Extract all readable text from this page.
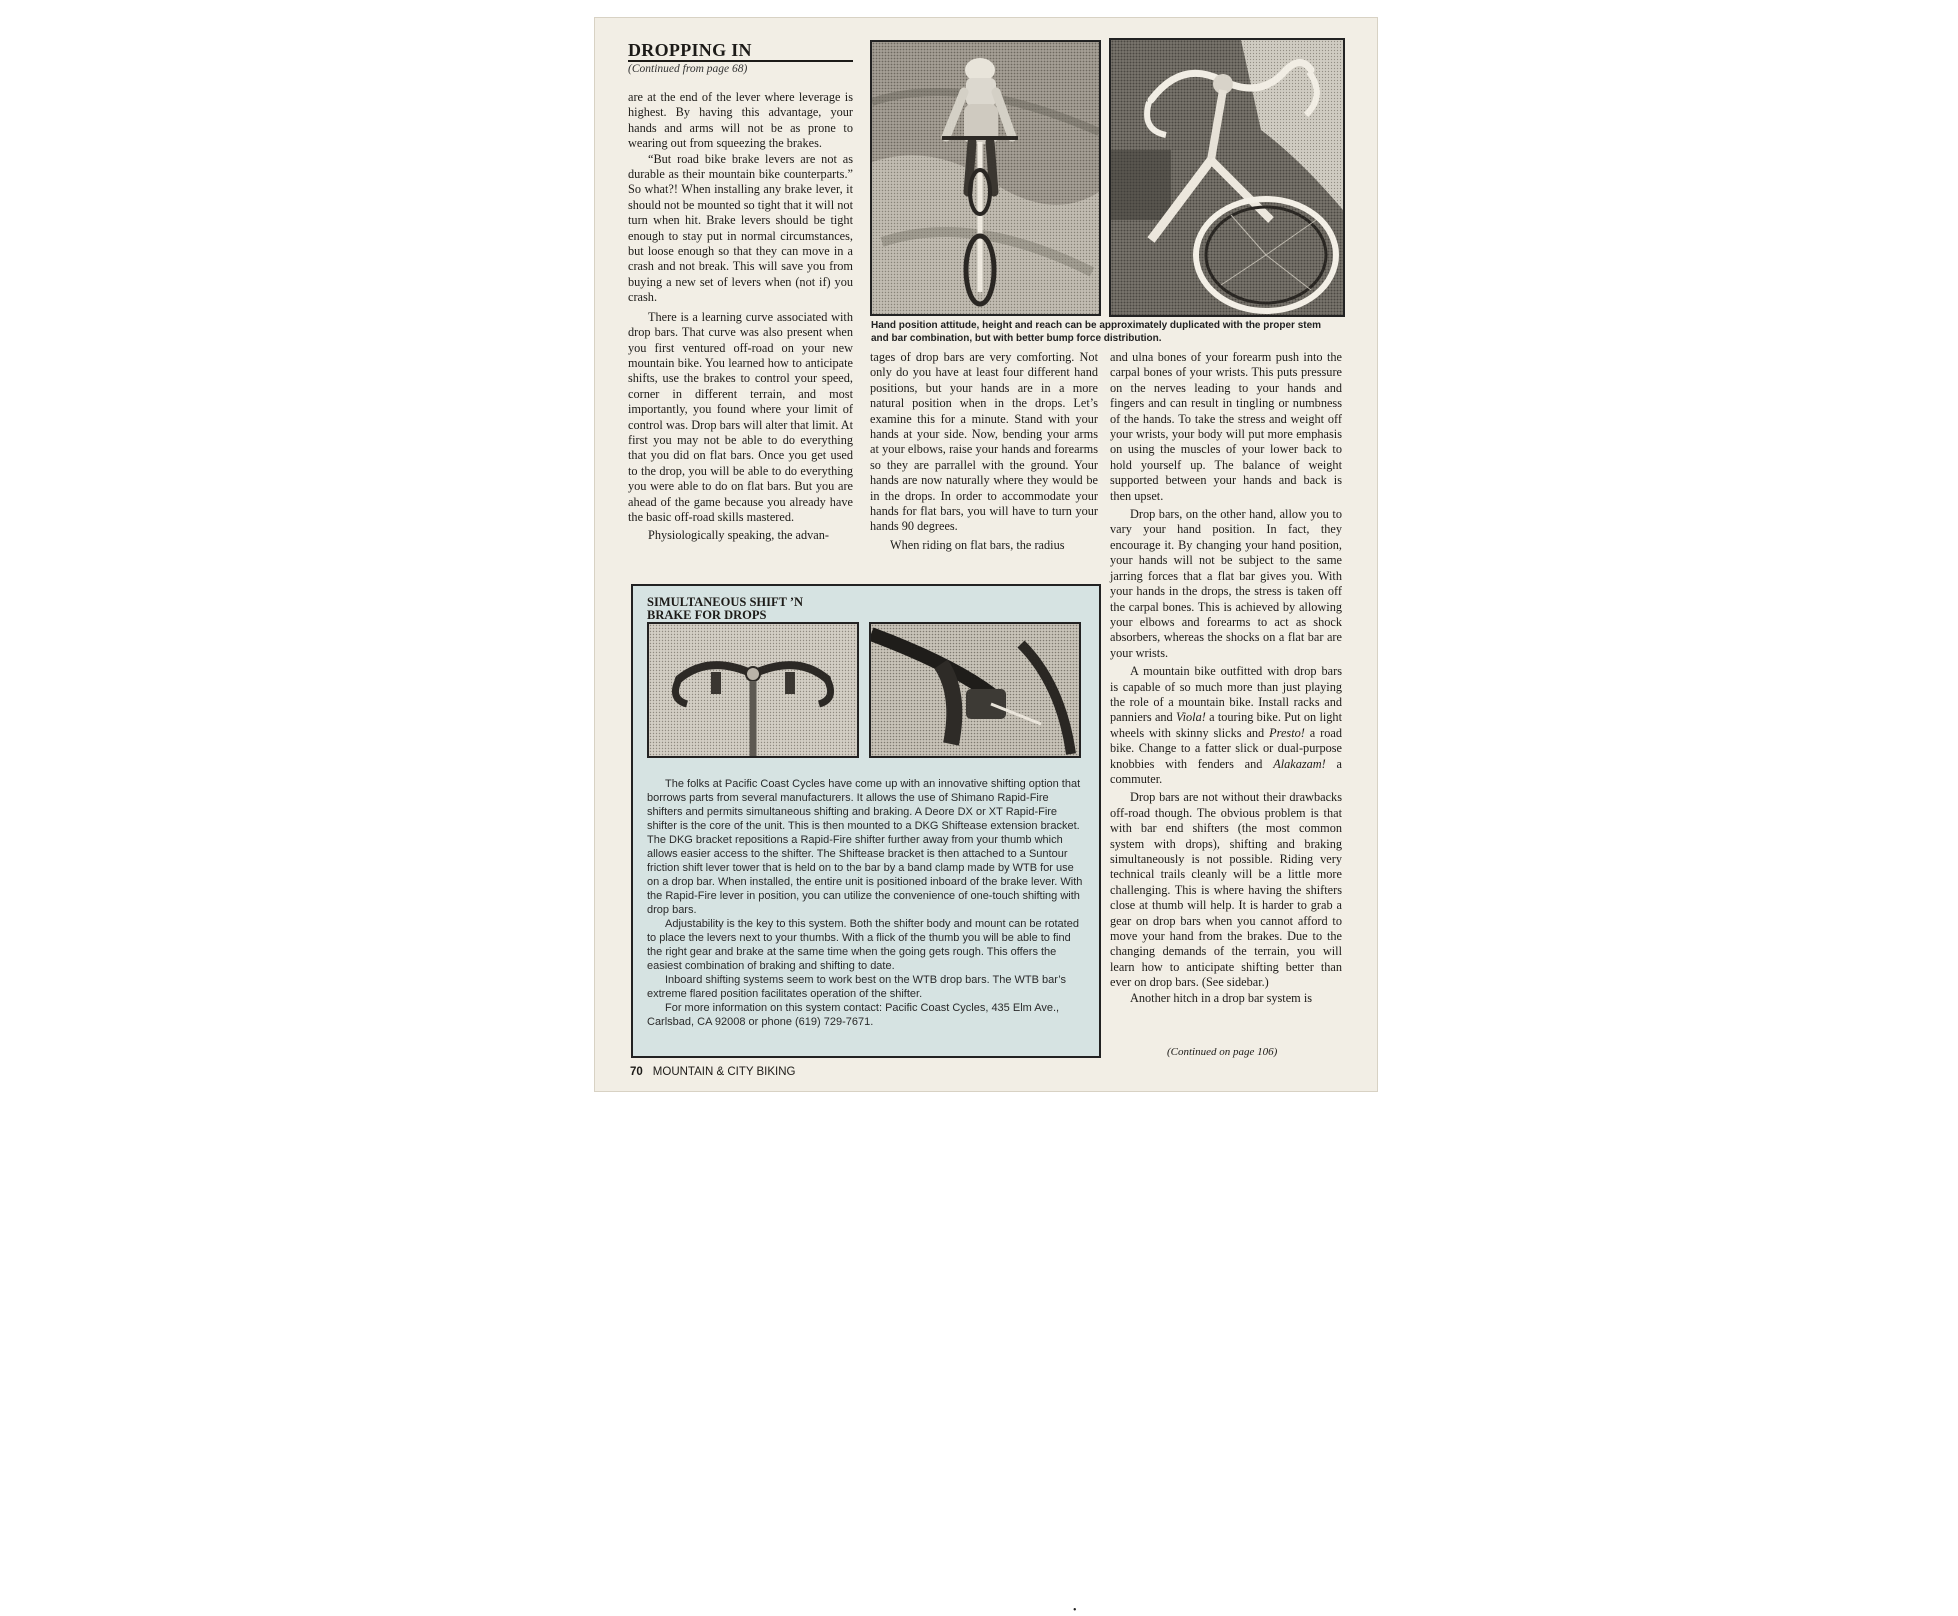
DROPPING IN
(Continued from page 68)

are at the end of the lever where leverage is highest. By having this advantage, your hands and arms will not be as prone to wearing out from squeezing the brakes.

“But road bike brake levers are not as durable as their mountain bike counterparts.” So what?! When installing any brake lever, it should not be mounted so tight that it will not turn when hit. Brake levers should be tight enough to stay put in normal circumstances, but loose enough so that they can move in a crash and not break. This will save you from buying a new set of levers when (not if) you crash.

There is a learning curve associated with drop bars. That curve was also present when you first ventured off-road on your new mountain bike. You learned how to anticipate shifts, use the brakes to control your speed, corner in different terrain, and most importantly, you found where your limit of control was. Drop bars will alter that limit. At first you may not be able to do everything that you did on flat bars. Once you get used to the drop, you will be able to do everything you were able to do on flat bars. But you are ahead of the game because you already have the basic off-road skills mastered.

Physiologically speaking, the advan-

Hand position attitude, height and reach can be approximately duplicated with the proper stem and bar combination, but with better bump force distribution.

tages of drop bars are very comforting. Not only do you have at least four different hand positions, but your hands are in a more natural position when in the drops. Let’s examine this for a minute. Stand with your hands at your side. Now, bending your arms at your elbows, raise your hands and forearms so they are parrallel with the ground. Your hands are now naturally where they would be in the drops. In order to accommodate your hands for flat bars, you will have to turn your hands 90 degrees.

When riding on flat bars, the radius

and ulna bones of your forearm push into the carpal bones of your wrists. This puts pressure on the nerves leading to your hands and fingers and can result in tingling or numbness of the hands. To take the stress and weight off your wrists, your body will put more emphasis on using the muscles of your lower back to hold yourself up. The balance of weight supported between your hands and back is then upset.

Drop bars, on the other hand, allow you to vary your hand position. In fact, they encourage it. By changing your hand position, your hands will not be subject to the same jarring forces that a flat bar gives you. With your hands in the drops, the stress is taken off the carpal bones. This is achieved by allowing your elbows and forearms to act as shock absorbers, whereas the shocks on a flat bar are your wrists.

A mountain bike outfitted with drop bars is capable of so much more than just playing the role of a mountain bike. Install racks and panniers and Viola! a touring bike. Put on light wheels with skinny slicks and Presto! a road bike. Change to a fatter slick or dual-purpose knobbies with fenders and Alakazam! a commuter.

Drop bars are not without their drawbacks off-road though. The obvious problem is that with bar end shifters (the most common system with drops), shifting and braking simultaneously is not possible. Riding very technical trails cleanly will be a little more challenging. This is where having the shifters close at thumb will help. It is harder to grab a gear on drop bars when you cannot afford to move your hand from the brakes. Due to the changing demands of the terrain, you will learn how to anticipate shifting better than ever on drop bars. (See sidebar.)

Another hitch in a drop bar system is

SIMULTANEOUS SHIFT ’N
BRAKE FOR DROPS

The folks at Pacific Coast Cycles have come up with an innovative shifting option that borrows parts from several manufacturers. It allows the use of Shimano Rapid-Fire shifters and permits simultaneous shifting and braking. A Deore DX or XT Rapid-Fire shifter is the core of the unit. This is then mounted to a DKG Shiftease extension bracket. The DKG bracket repositions a Rapid-Fire shifter further away from your thumb which allows easier access to the shifter. The Shiftease bracket is then attached to a Suntour friction shift lever tower that is held on to the bar by a band clamp made by WTB for use on a drop bar. When installed, the entire unit is positioned inboard of the brake lever. With the Rapid-Fire lever in position, you can utilize the convenience of one-touch shifting with drop bars.

Adjustability is the key to this system. Both the shifter body and mount can be rotated to place the levers next to your thumbs. With a flick of the thumb you will be able to find the right gear and brake at the same time when the going gets rough. This offers the easiest combination of braking and shifting to date.

Inboard shifting systems seem to work best on the WTB drop bars. The WTB bar’s extreme flared position facilitates operation of the shifter.

For more information on this system contact: Pacific Coast Cycles, 435 Elm Ave., Carlsbad, CA 92008 or phone (619) 729-7671.

•
(Continued on page 106)
70 MOUNTAIN & CITY BIKING
